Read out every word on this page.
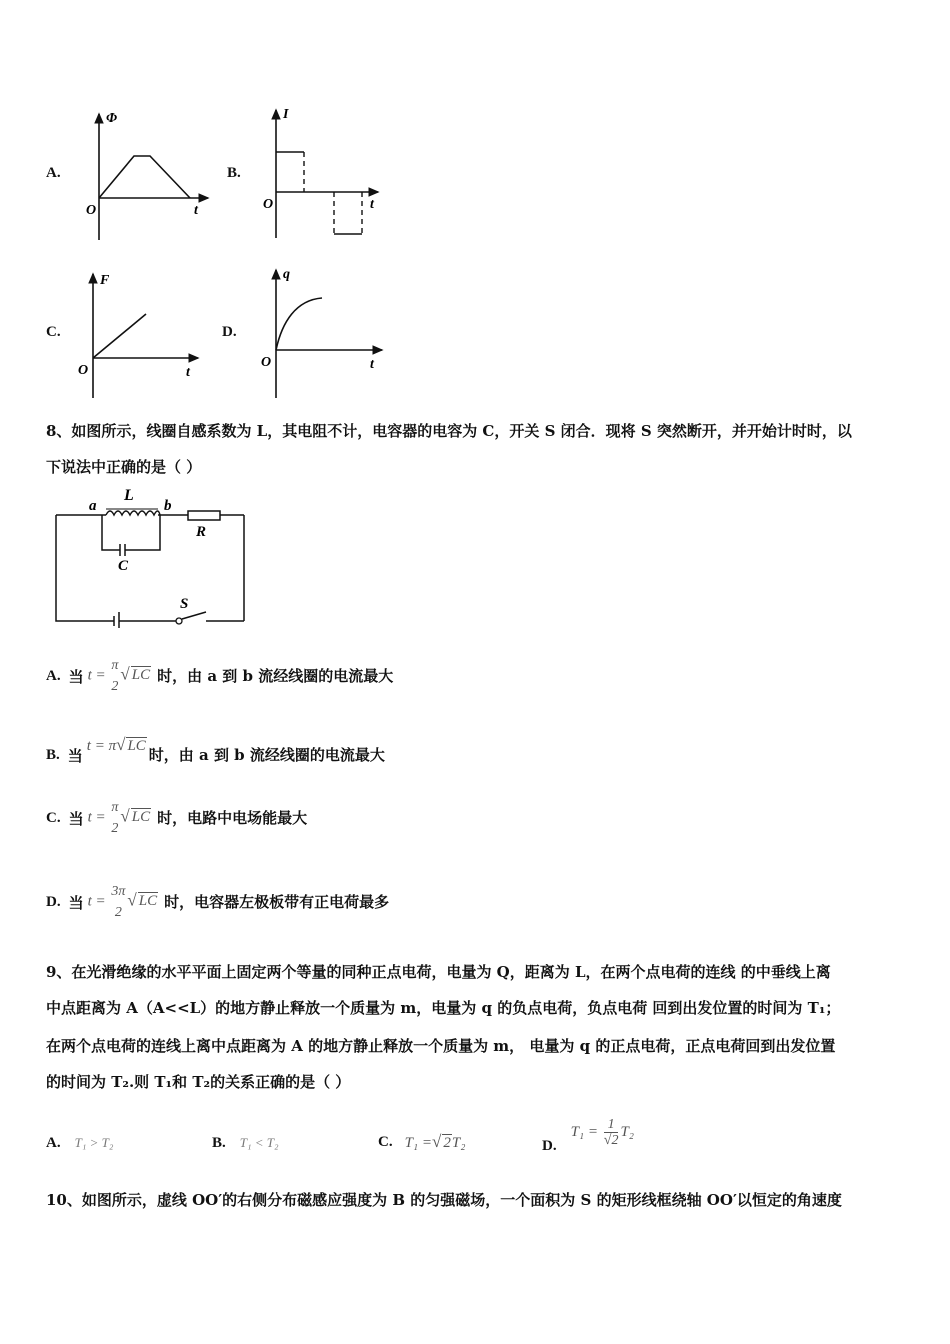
A.
Φ
O	t
B.
I
O	t
C.
F
O	t
D.
q
O	t
8、如图所示，线圈自感系数为 L，其电阻不计，电容器的电容为 C，开关 S 闭合．现将 S 突然断开，并开始计时时，以
下说法中正确的是（ ）
a
L
b
R
C
S
A. 当 t =
π
2
√ LC 时，由 a 到 b 流经线圈的电流最大
B. 当
t = π√ LC 时，由 a 到 b 流经线圈的电流最大
C. 当 t =
π
2
√ LC 时，电路中电场能最大
D. 当 t =
3π
2
√ LC 时，电容器左极板带有正电荷最多
9、在光滑绝缘的水平平面上固定两个等量的同种正点电荷，电量为 Q，距离为 L，在两个点电荷的连线 的中垂线上离
中点距离为 A（A<<L）的地方静止释放一个质量为 m，电量为 q 的负点电荷，负点电荷 回到出发位置的时间为 T₁；
在两个点电荷的连线上离中点距离为 A 的地方静止释放一个质量为 m， 电量为 q 的正点电荷，正点电荷回到出发位置
的时间为 T₂.则 T₁和 T₂的关系正确的是（ ）
A. T₁ > T₂	B. T₁ < T₂	C. T₁ =√ 2T₂	D.
$T_1 = \frac{1}{√2} T_2$
10、如图所示，虚线 OO′的右侧分布磁感应强度为 B 的匀强磁场，一个面积为 S 的矩形线框绕轴 OO′以恒定的角速度
